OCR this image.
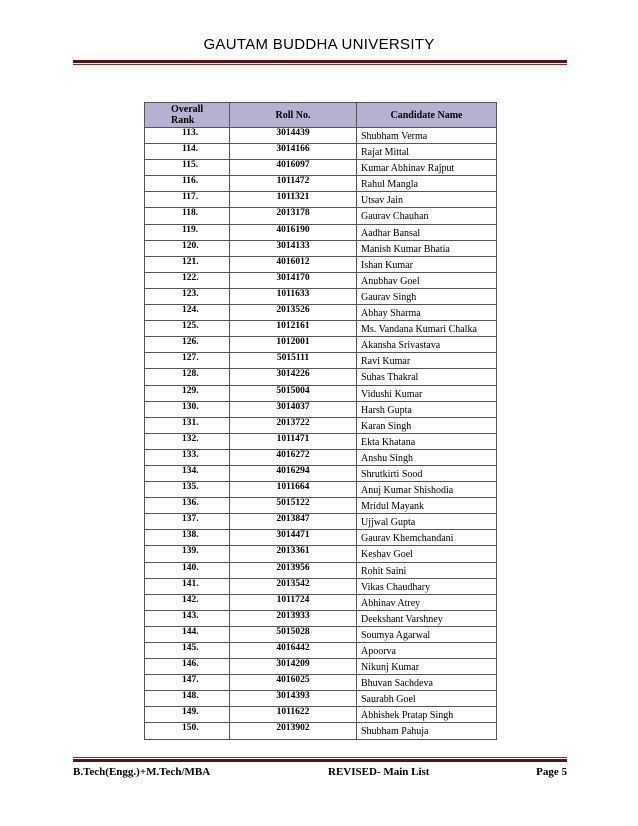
GAUTAM BUDDHA UNIVERSITY
Overall Rank	Roll No.	Candidate Name
113.	3014439	Shubham Verma
114.	3014166	Rajat Mittal
115.	4016097	Kumar Abhinav Rajput
116.	1011472	Rahul Mangla
117.	1011321	Utsav Jain
118.	2013178	Gaurav Chauhan
119.	4016190	Aadhar Bansal
120.	3014133	Manish Kumar Bhatia
121.	4016012	Ishan Kumar
122.	3014170	Anubhav Goel
123.	1011633	Gaurav Singh
124.	2013526	Abhay Sharma
125.	1012161	Ms. Vandana Kumari Chalka
126.	1012001	Akansha Srivastava
127.	5015111	Ravi Kumar
128.	3014226	Suhas Thakral
129.	5015004	Vidushi Kumar
130.	3014037	Harsh Gupta
131.	2013722	Karan Singh
132.	1011471	Ekta Khatana
133.	4016272	Anshu Singh
134.	4016294	Shrutkirti Sood
135.	1011664	Anuj Kumar Shishodia
136.	5015122	Mridul Mayank
137.	2013847	Ujjwal Gupta
138.	3014471	Gaurav Khemchandani
139.	2013361	Keshav Goel
140.	2013956	Rohit Saini
141.	2013542	Vikas Chaudhary
142.	1011724	Abhinav Atrey
143.	2013933	Deekshant Varshney
144.	5015028	Soumya Agarwal
145.	4016442	Apoorva
146.	3014209	Nikunj Kumar
147.	4016025	Bhuvan Sachdeva
148.	3014393	Saurabh Goel
149.	1011622	Abhishek Pratap Singh
150.	2013902	Shubham Pahuja
B.Tech(Engg.)+M.Tech/MBA	REVISED- Main List	Page 5
